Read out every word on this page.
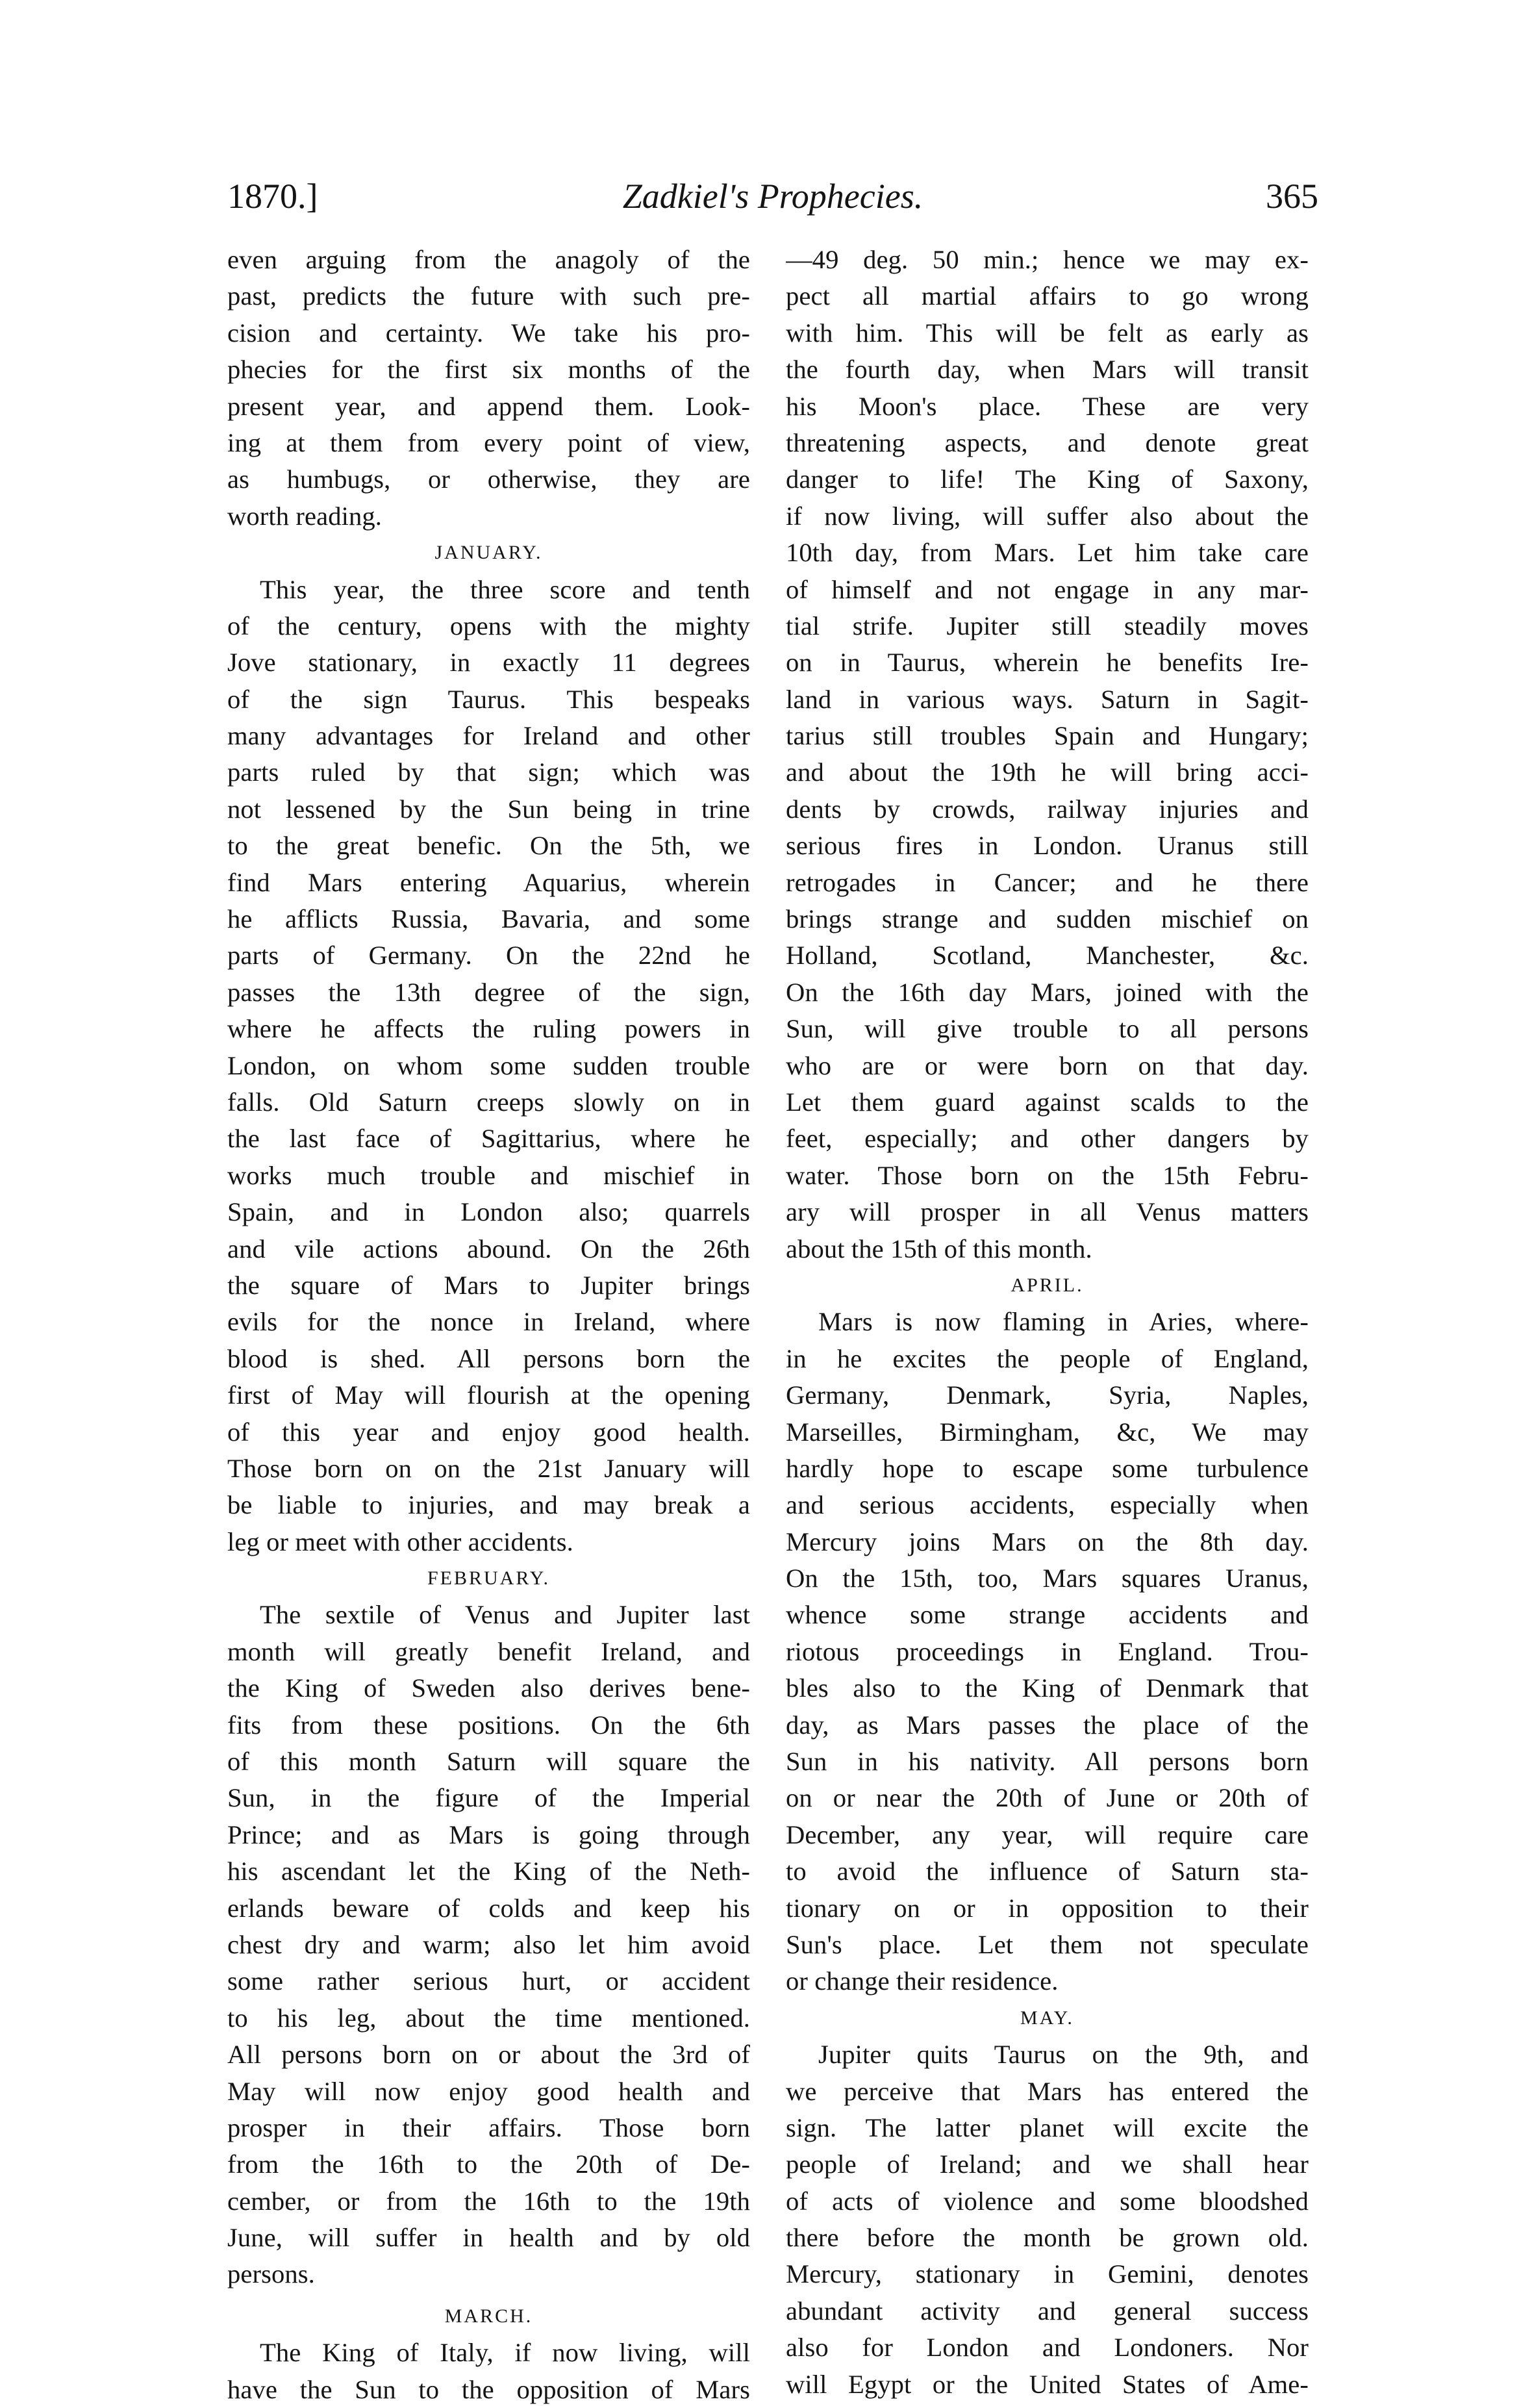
1870.]	Zadkiel's Prophecies.	365
even arguing from the anagoly of the
past, predicts the future with such pre-
cision and certainty. We take his pro-
phecies for the first six months of the
present year, and append them. Look-
ing at them from every point of view,
as humbugs, or otherwise, they are
worth reading.
JANUARY.
This year, the three score and tenth
of the century, opens with the mighty
Jove stationary, in exactly 11 degrees
of the sign Taurus. This bespeaks
many advantages for Ireland and other
parts ruled by that sign; which was
not lessened by the Sun being in trine
to the great benefic. On the 5th, we
find Mars entering Aquarius, wherein
he afflicts Russia, Bavaria, and some
parts of Germany. On the 22nd he
passes the 13th degree of the sign,
where he affects the ruling powers in
London, on whom some sudden trouble
falls. Old Saturn creeps slowly on in
the last face of Sagittarius, where he
works much trouble and mischief in
Spain, and in London also; quarrels
and vile actions abound. On the 26th
the square of Mars to Jupiter brings
evils for the nonce in Ireland, where
blood is shed. All persons born the
first of May will flourish at the opening
of this year and enjoy good health.
Those born on on the 21st January will
be liable to injuries, and may break a
leg or meet with other accidents.
FEBRUARY.
The sextile of Venus and Jupiter last
month will greatly benefit Ireland, and
the King of Sweden also derives bene-
fits from these positions. On the 6th
of this month Saturn will square the
Sun, in the figure of the Imperial
Prince; and as Mars is going through
his ascendant let the King of the Neth-
erlands beware of colds and keep his
chest dry and warm; also let him avoid
some rather serious hurt, or accident
to his leg, about the time mentioned.
All persons born on or about the 3rd of
May will now enjoy good health and
prosper in their affairs. Those born
from the 16th to the 20th of De-
cember, or from the 16th to the 19th
June, will suffer in health and by old
persons.
MARCH.
The King of Italy, if now living, will
have the Sun to the opposition of Mars
—49 deg. 50 min.; hence we may ex-
pect all martial affairs to go wrong
with him. This will be felt as early as
the fourth day, when Mars will transit
his Moon's place. These are very
threatening aspects, and denote great
danger to life! The King of Saxony,
if now living, will suffer also about the
10th day, from Mars. Let him take care
of himself and not engage in any mar-
tial strife. Jupiter still steadily moves
on in Taurus, wherein he benefits Ire-
land in various ways. Saturn in Sagit-
tarius still troubles Spain and Hungary;
and about the 19th he will bring acci-
dents by crowds, railway injuries and
serious fires in London. Uranus still
retrogades in Cancer; and he there
brings strange and sudden mischief on
Holland, Scotland, Manchester, &c.
On the 16th day Mars, joined with the
Sun, will give trouble to all persons
who are or were born on that day.
Let them guard against scalds to the
feet, especially; and other dangers by
water. Those born on the 15th Febru-
ary will prosper in all Venus matters
about the 15th of this month.
APRIL.
Mars is now flaming in Aries, where-
in he excites the people of England,
Germany, Denmark, Syria, Naples,
Marseilles, Birmingham, &c, We may
hardly hope to escape some turbulence
and serious accidents, especially when
Mercury joins Mars on the 8th day.
On the 15th, too, Mars squares Uranus,
whence some strange accidents and
riotous proceedings in England. Trou-
bles also to the King of Denmark that
day, as Mars passes the place of the
Sun in his nativity. All persons born
on or near the 20th of June or 20th of
December, any year, will require care
to avoid the influence of Saturn sta-
tionary on or in opposition to their
Sun's place. Let them not speculate
or change their residence.
MAY.
Jupiter quits Taurus on the 9th, and
we perceive that Mars has entered the
sign. The latter planet will excite the
people of Ireland; and we shall hear
of acts of violence and some bloodshed
there before the month be grown old.
Mercury, stationary in Gemini, denotes
abundant activity and general success
also for London and Londoners. Nor
will Egypt or the United States of Ame-
